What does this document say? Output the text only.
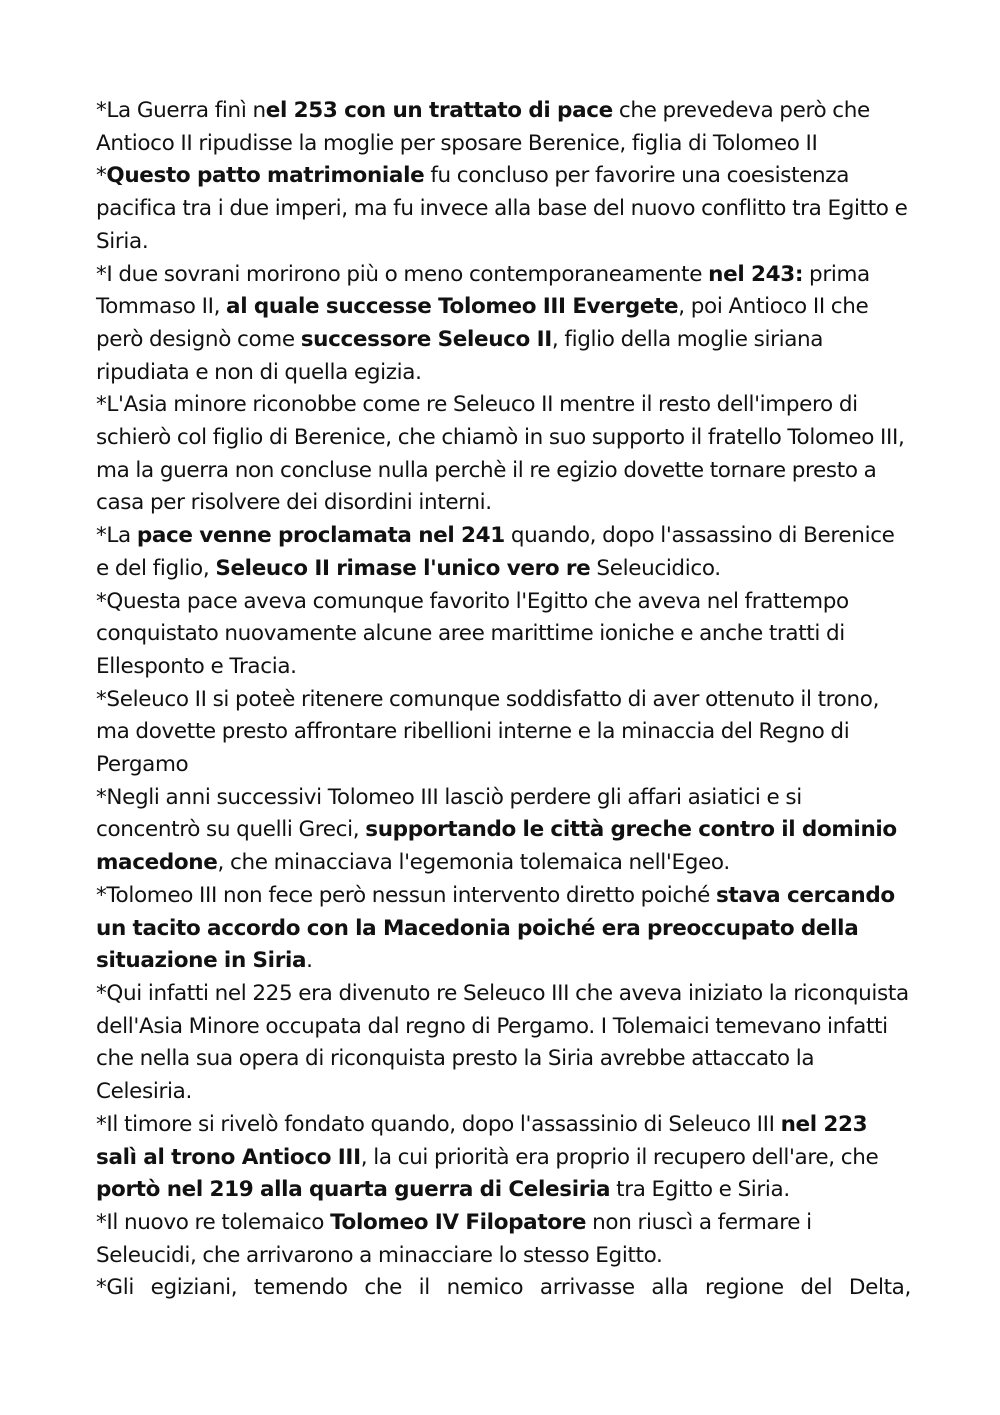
*La Guerra finì nel 253 con un trattato di pace che prevedeva però che Antioco II ripudisse la moglie per sposare Berenice, figlia di Tolomeo II

*Questo patto matrimoniale fu concluso per favorire una coesistenza pacifica tra i due imperi, ma fu invece alla base del nuovo conflitto tra Egitto e Siria.

*I due sovrani morirono più o meno contemporaneamente nel 243: prima Tommaso II, al quale successe Tolomeo III Evergete, poi Antioco II che però designò come successore Seleuco II, figlio della moglie siriana ripudiata e non di quella egizia.

*L'Asia minore riconobbe come re Seleuco II mentre il resto dell'impero di schierò col figlio di Berenice, che chiamò in suo supporto il fratello Tolomeo III, ma la guerra non concluse nulla perchè il re egizio dovette tornare presto a casa per risolvere dei disordini interni.

*La pace venne proclamata nel 241 quando, dopo l'assassino di Berenice e del figlio, Seleuco II rimase l'unico vero re Seleucidico.

*Questa pace aveva comunque favorito l'Egitto che aveva nel frattempo conquistato nuovamente alcune aree marittime ioniche e anche tratti di Ellesponto e Tracia.

*Seleuco II si poteè ritenere comunque soddisfatto di aver ottenuto il trono, ma dovette presto affrontare ribellioni interne e la minaccia del Regno di Pergamo

*Negli anni successivi Tolomeo III lasciò perdere gli affari asiatici e si concentrò su quelli Greci, supportando le città greche contro il dominio macedone, che minacciava l'egemonia tolemaica nell'Egeo.

*Tolomeo III non fece però nessun intervento diretto poiché stava cercando un tacito accordo con la Macedonia poiché era preoccupato della situazione in Siria.

*Qui infatti nel 225 era divenuto re Seleuco III che aveva iniziato la riconquista dell'Asia Minore occupata dal regno di Pergamo. I Tolemaici temevano infatti che nella sua opera di riconquista presto la Siria avrebbe attaccato la Celesiria.

*Il timore si rivelò fondato quando, dopo l'assassinio di Seleuco III nel 223 salì al trono Antioco III, la cui priorità era proprio il recupero dell'are, che portò nel 219 alla quarta guerra di Celesiria tra Egitto e Siria.

*Il nuovo re tolemaico Tolomeo IV Filopatore non riuscì a fermare i Seleucidi, che arrivarono a minacciare lo stesso Egitto.

*Gli egiziani, temendo che il nemico arrivasse alla regione del Delta,
